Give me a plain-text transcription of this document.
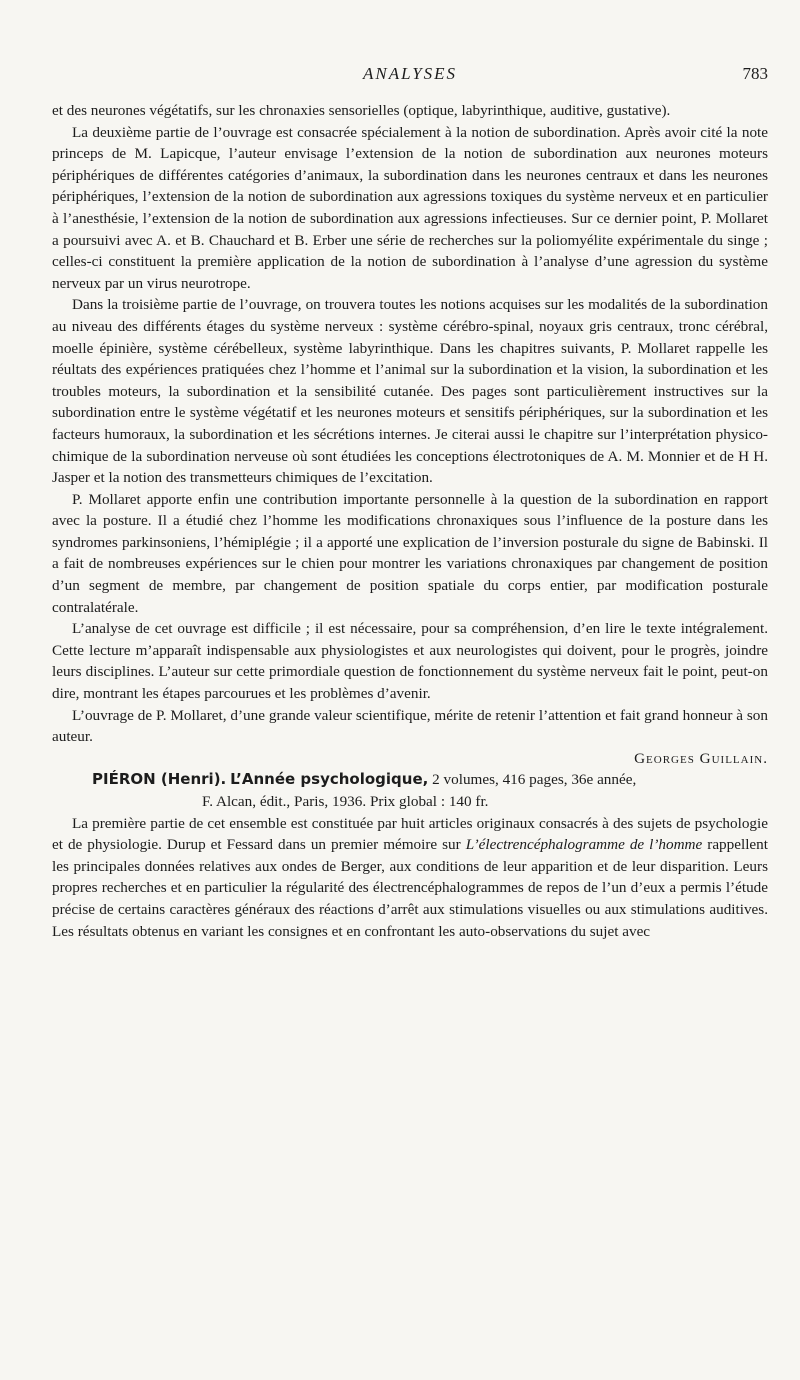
ANALYSES	783

et des neurones végétatifs, sur les chronaxies sensorielles (optique, labyrinthique, auditive, gustative).

La deuxième partie de l’ouvrage est consacrée spécialement à la notion de subordination. Après avoir cité la note princeps de M. Lapicque, l’auteur envisage l’extension de la notion de subordination aux neurones moteurs périphériques de différentes catégories d’animaux, la subordination dans les neurones centraux et dans les neurones périphériques, l’extension de la notion de subordination aux agressions toxiques du système nerveux et en particulier à l’anesthésie, l’extension de la notion de subordination aux agressions infectieuses. Sur ce dernier point, P. Mollaret a poursuivi avec A. et B. Chauchard et B. Erber une série de recherches sur la poliomyélite expérimentale du singe ; celles-ci constituent la première application de la notion de subordination à l’analyse d’une agression du système nerveux par un virus neurotrope.

Dans la troisième partie de l’ouvrage, on trouvera toutes les notions acquises sur les modalités de la subordination au niveau des différents étages du système nerveux : système cérébro-spinal, noyaux gris centraux, tronc cérébral, moelle épinière, système cérébelleux, système labyrinthique. Dans les chapitres suivants, P. Mollaret rappelle les réultats des expériences pratiquées chez l’homme et l’animal sur la subordination et la vision, la subordination et les troubles moteurs, la subordination et la sensibilité cutanée. Des pages sont particulièrement instructives sur la subordination entre le système végétatif et les neurones moteurs et sensitifs périphériques, sur la subordination et les facteurs humoraux, la subordination et les sécrétions internes. Je citerai aussi le chapitre sur l’interprétation physico-chimique de la subordination nerveuse où sont étudiées les conceptions électrotoniques de A. M. Monnier et de H H. Jasper et la notion des transmetteurs chimiques de l’excitation.

P. Mollaret apporte enfin une contribution importante personnelle à la question de la subordination en rapport avec la posture. Il a étudié chez l’homme les modifications chronaxiques sous l’influence de la posture dans les syndromes parkinsoniens, l’hémiplégie ; il a apporté une explication de l’inversion posturale du signe de Babinski. Il a fait de nombreuses expériences sur le chien pour montrer les variations chronaxiques par changement de position d’un segment de membre, par changement de position spatiale du corps entier, par modification posturale contralatérale.

L’analyse de cet ouvrage est difficile ; il est nécessaire, pour sa compréhension, d’en lire le texte intégralement. Cette lecture m’apparaît indispensable aux physiologistes et aux neurologistes qui doivent, pour le progrès, joindre leurs disciplines. L’auteur sur cette primordiale question de fonctionnement du système nerveux fait le point, peut-on dire, montrant les étapes parcourues et les problèmes d’avenir.

L’ouvrage de P. Mollaret, d’une grande valeur scientifique, mérite de retenir l’attention et fait grand honneur à son auteur.

Georges Guillain.

PIÉRON (Henri). L’Année psychologique, 2 volumes, 416 pages, 36e année,
F. Alcan, édit., Paris, 1936. Prix global : 140 fr.

La première partie de cet ensemble est constituée par huit articles originaux consacrés à des sujets de psychologie et de physiologie. Durup et Fessard dans un premier mémoire sur L’électrencéphalogramme de l’homme rappellent les principales données relatives aux ondes de Berger, aux conditions de leur apparition et de leur disparition. Leurs propres recherches et en particulier la régularité des électrencéphalogrammes de repos de l’un d’eux a permis l’étude précise de certains caractères généraux des réactions d’arrêt aux stimulations visuelles ou aux stimulations auditives. Les résultats obtenus en variant les consignes et en confrontant les auto-observations du sujet avec
